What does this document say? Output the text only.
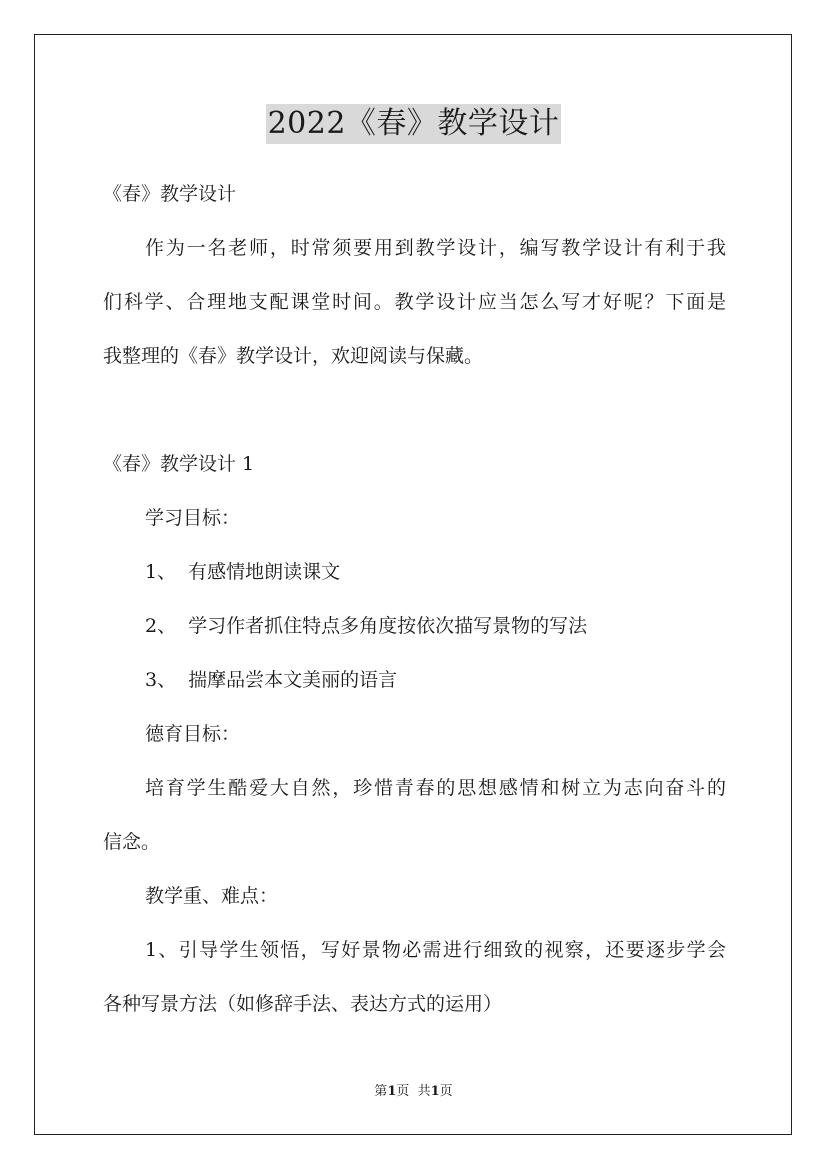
2022《春》教学设计

《春》教学设计

作为一名老师，时常须要用到教学设计，编写教学设计有利于我

们科学、合理地支配课堂时间。教学设计应当怎么写才好呢？下面是

我整理的《春》教学设计，欢迎阅读与保藏。

《春》教学设计 1

学习目标：

1、  有感情地朗读课文

2、  学习作者抓住特点多角度按依次描写景物的写法

3、  揣摩品尝本文美丽的语言

德育目标：

培育学生酷爱大自然，珍惜青春的思想感情和树立为志向奋斗的

信念。

教学重、难点：

1、引导学生领悟，写好景物必需进行细致的视察，还要逐步学会

各种写景方法（如修辞手法、表达方式的运用）

第1页  共1页
